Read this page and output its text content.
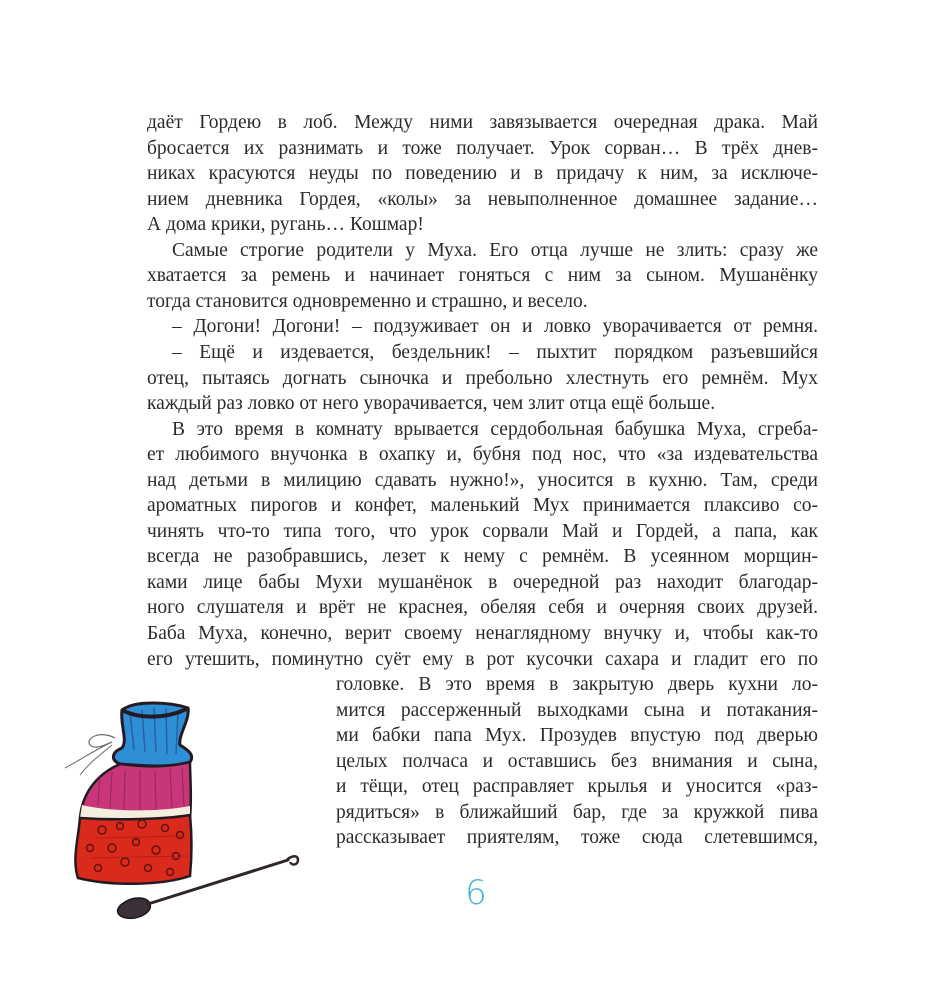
даёт Гордею в лоб. Между ними завязывается очередная драка. Май
бросается их разнимать и тоже получает. Урок сорван… В трёх днев-
никах красуются неуды по поведению и в придачу к ним, за исключе-
нием дневника Гордея, «колы» за невыполненное домашнее задание…
А дома крики, ругань… Кошмар!
Самые строгие родители у Муха. Его отца лучше не злить: сразу же
хватается за ремень и начинает гоняться с ним за сыном. Мушанёнку
тогда становится одновременно и страшно, и весело.
– Догони! Догони! – подзуживает он и ловко уворачивается от ремня.
– Ещё и издевается, бездельник! – пыхтит порядком разъевшийся
отец, пытаясь догнать сыночка и пребольно хлестнуть его ремнём. Мух
каждый раз ловко от него уворачивается, чем злит отца ещё больше.
В это время в комнату врывается сердобольная бабушка Муха, сгреба-
ет любимого внучонка в охапку и, бубня под нос, что «за издевательства
над детьми в милицию сдавать нужно!», уносится в кухню. Там, среди
ароматных пирогов и конфет, маленький Мух принимается плаксиво со-
чинять что-то типа того, что урок сорвали Май и Гордей, а папа, как
всегда не разобравшись, лезет к нему с ремнём. В усеянном морщин-
ками лице бабы Мухи мушанёнок в очередной раз находит благодар-
ного слушателя и врёт не краснея, обеляя себя и очерняя своих друзей.
Баба Муха, конечно, верит своему ненаглядному внучку и, чтобы как-то
его утешить, поминутно суёт ему в рот кусочки сахара и гладит его по
головке. В это время в закрытую дверь кухни ло-
мится рассерженный выходками сына и потакания-
ми бабки папа Мух. Прозудев впустую под дверью
целых полчаса и оставшись без внимания и сына,
и тёщи, отец расправляет крылья и уносится «раз-
рядиться» в ближайший бар, где за кружкой пива
рассказывает приятелям, тоже сюда слетевшимся,
6
